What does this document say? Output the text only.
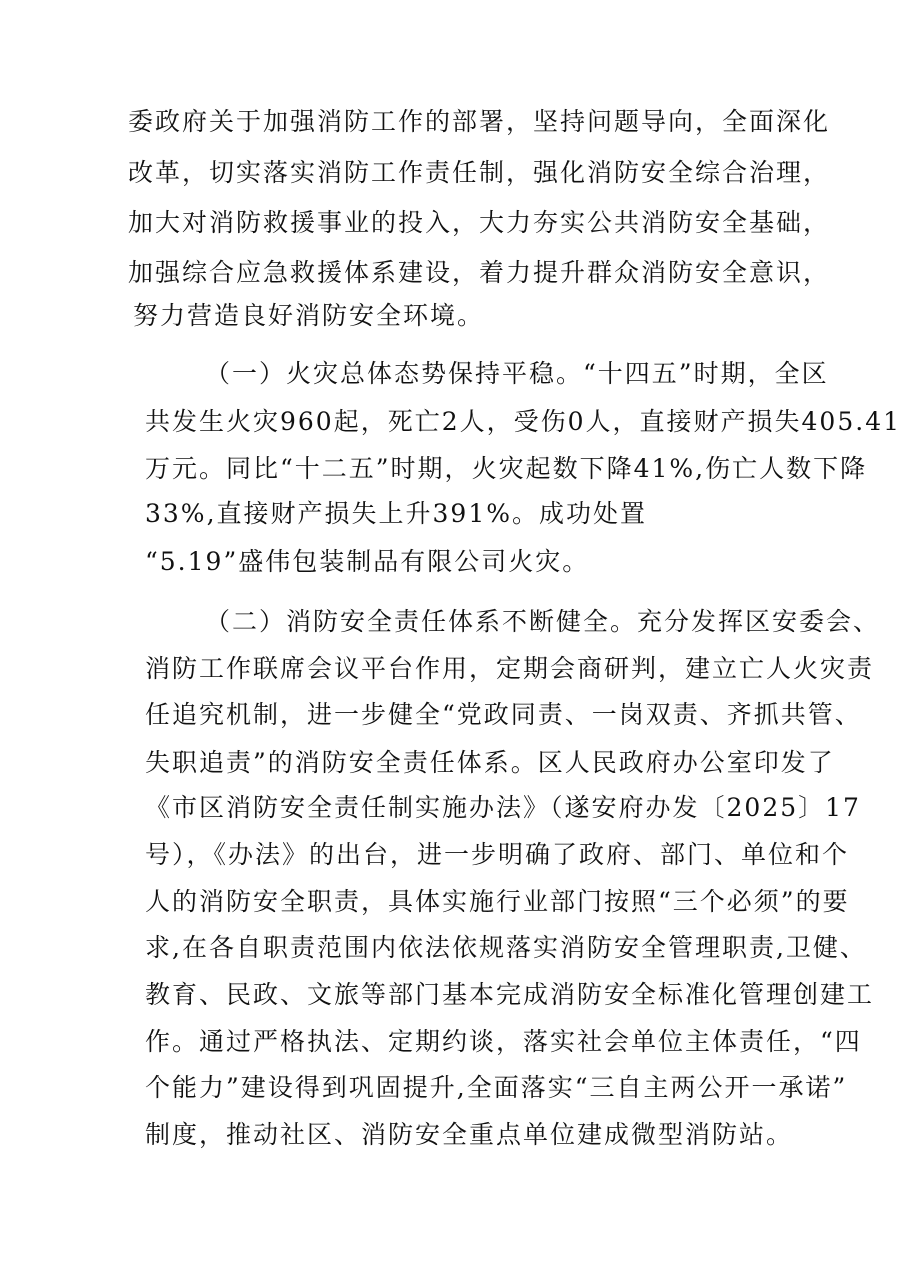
委政府关于加强消防工作的部署，坚持问题导向，全面深化
改革，切实落实消防工作责任制，强化消防安全综合治理，
加大对消防救援事业的投入，大力夯实公共消防安全基础，
加强综合应急救援体系建设，着力提升群众消防安全意识，
努力营造良好消防安全环境。
（一）火灾总体态势保持平稳。“十四五”时期，全区
共发生火灾960起，死亡2人，受伤0人，直接财产损失405.41
万元。同比“十二五”时期，火灾起数下降41%,伤亡人数下降
33%,直接财产损失上升391%。成功处置
“5.19”盛伟包装制品有限公司火灾。
（二）消防安全责任体系不断健全。充分发挥区安委会、
消防工作联席会议平台作用，定期会商研判，建立亡人火灾责
任追究机制，进一步健全“党政同责、一岗双责、齐抓共管、
失职追责”的消防安全责任体系。区人民政府办公室印发了
《市区消防安全责任制实施办法》（遂安府办发〔2025〕17
号），《办法》的出台，进一步明确了政府、部门、单位和个
人的消防安全职责，具体实施行业部门按照“三个必须”的要
求,在各自职责范围内依法依规落实消防安全管理职责,卫健、
教育、民政、文旅等部门基本完成消防安全标准化管理创建工
作。通过严格执法、定期约谈，落实社会单位主体责任，“四
个能力”建设得到巩固提升,全面落实“三自主两公开一承诺”
制度，推动社区、消防安全重点单位建成微型消防站。
